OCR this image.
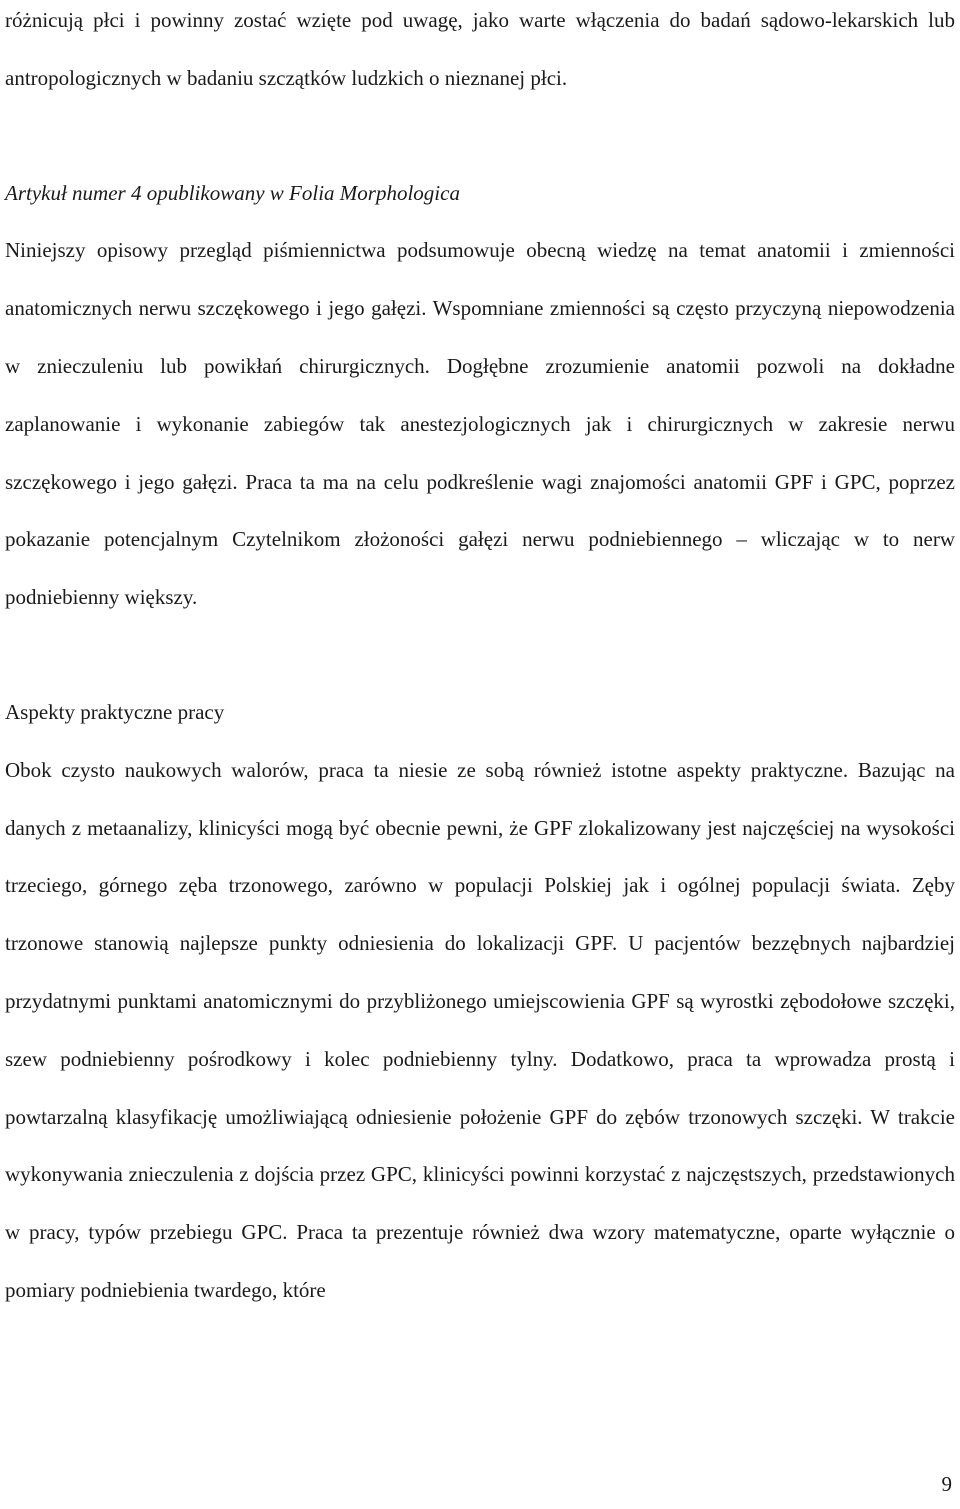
różnicują płci i powinny zostać wzięte pod uwagę, jako warte włączenia do badań sądowo-lekarskich lub antropologicznych w badaniu szczątków ludzkich o nieznanej płci.

Artykuł numer 4 opublikowany w Folia Morphologica

Niniejszy opisowy przegląd piśmiennictwa podsumowuje obecną wiedzę na temat anatomii i zmienności anatomicznych nerwu szczękowego i jego gałęzi. Wspomniane zmienności są często przyczyną niepowodzenia w znieczuleniu lub powikłań chirurgicznych. Dogłębne zrozumienie anatomii pozwoli na dokładne zaplanowanie i wykonanie zabiegów tak anestezjologicznych jak i chirurgicznych w zakresie nerwu szczękowego i jego gałęzi. Praca ta ma na celu podkreślenie wagi znajomości anatomii GPF i GPC, poprzez pokazanie potencjalnym Czytelnikom złożoności gałęzi nerwu podniebiennego – wliczając w to nerw podniebienny większy.

Aspekty praktyczne pracy

Obok czysto naukowych walorów, praca ta niesie ze sobą również istotne aspekty praktyczne. Bazując na danych z metaanalizy, klinicyści mogą być obecnie pewni, że GPF zlokalizowany jest najczęściej na wysokości trzeciego, górnego zęba trzonowego, zarówno w populacji Polskiej jak i ogólnej populacji świata. Zęby trzonowe stanowią najlepsze punkty odniesienia do lokalizacji GPF. U pacjentów bezzębnych najbardziej przydatnymi punktami anatomicznymi do przybliżonego umiejscowienia GPF są wyrostki zębodołowe szczęki, szew podniebienny pośrodkowy i kolec podniebienny tylny. Dodatkowo, praca ta wprowadza prostą i powtarzalną klasyfikację umożliwiającą odniesienie położenie GPF do zębów trzonowych szczęki. W trakcie wykonywania znieczulenia z dojścia przez GPC, klinicyści powinni korzystać z najczęstszych, przedstawionych w pracy, typów przebiegu GPC. Praca ta prezentuje również dwa wzory matematyczne, oparte wyłącznie o pomiary podniebienia twardego, które

9
